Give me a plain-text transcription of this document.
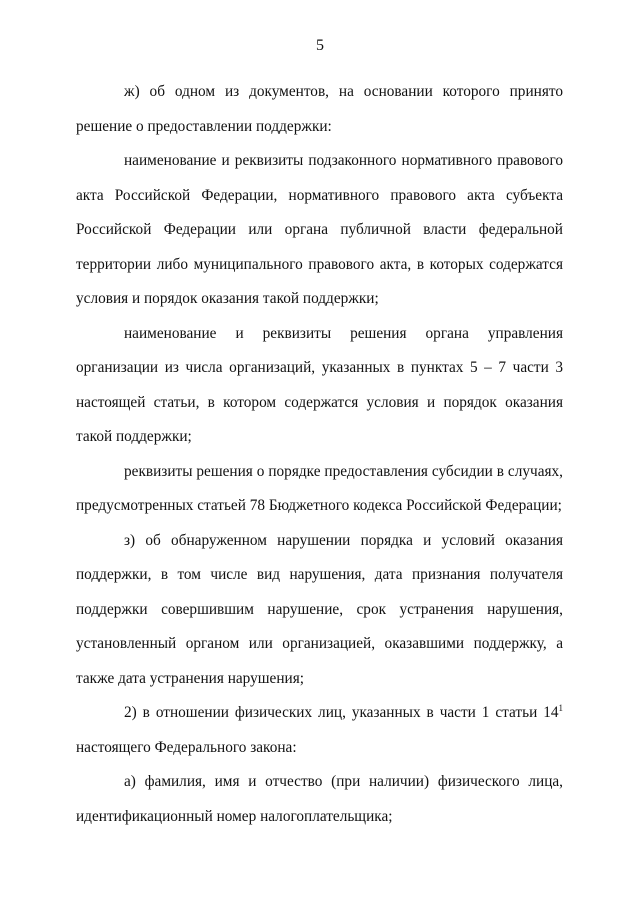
5

ж) об одном из документов, на основании которого принято решение о предоставлении поддержки:

наименование и реквизиты подзаконного нормативного правового акта Российской Федерации, нормативного правового акта субъекта Российской Федерации или органа публичной власти федеральной территории либо муниципального правового акта, в которых содержатся условия и порядок оказания такой поддержки;

наименование и реквизиты решения органа управления организации из числа организаций, указанных в пунктах 5 – 7 части 3 настоящей статьи, в котором содержатся условия и порядок оказания такой поддержки;

реквизиты решения о порядке предоставления субсидии в случаях, предусмотренных статьей 78 Бюджетного кодекса Российской Федерации;

з) об обнаруженном нарушении порядка и условий оказания поддержки, в том числе вид нарушения, дата признания получателя поддержки совершившим нарушение, срок устранения нарушения, установленный органом или организацией, оказавшими поддержку, а также дата устранения нарушения;

2) в отношении физических лиц, указанных в части 1 статьи $14^1$ настоящего Федерального закона:

а) фамилия, имя и отчество (при наличии) физического лица, идентификационный номер налогоплательщика;
